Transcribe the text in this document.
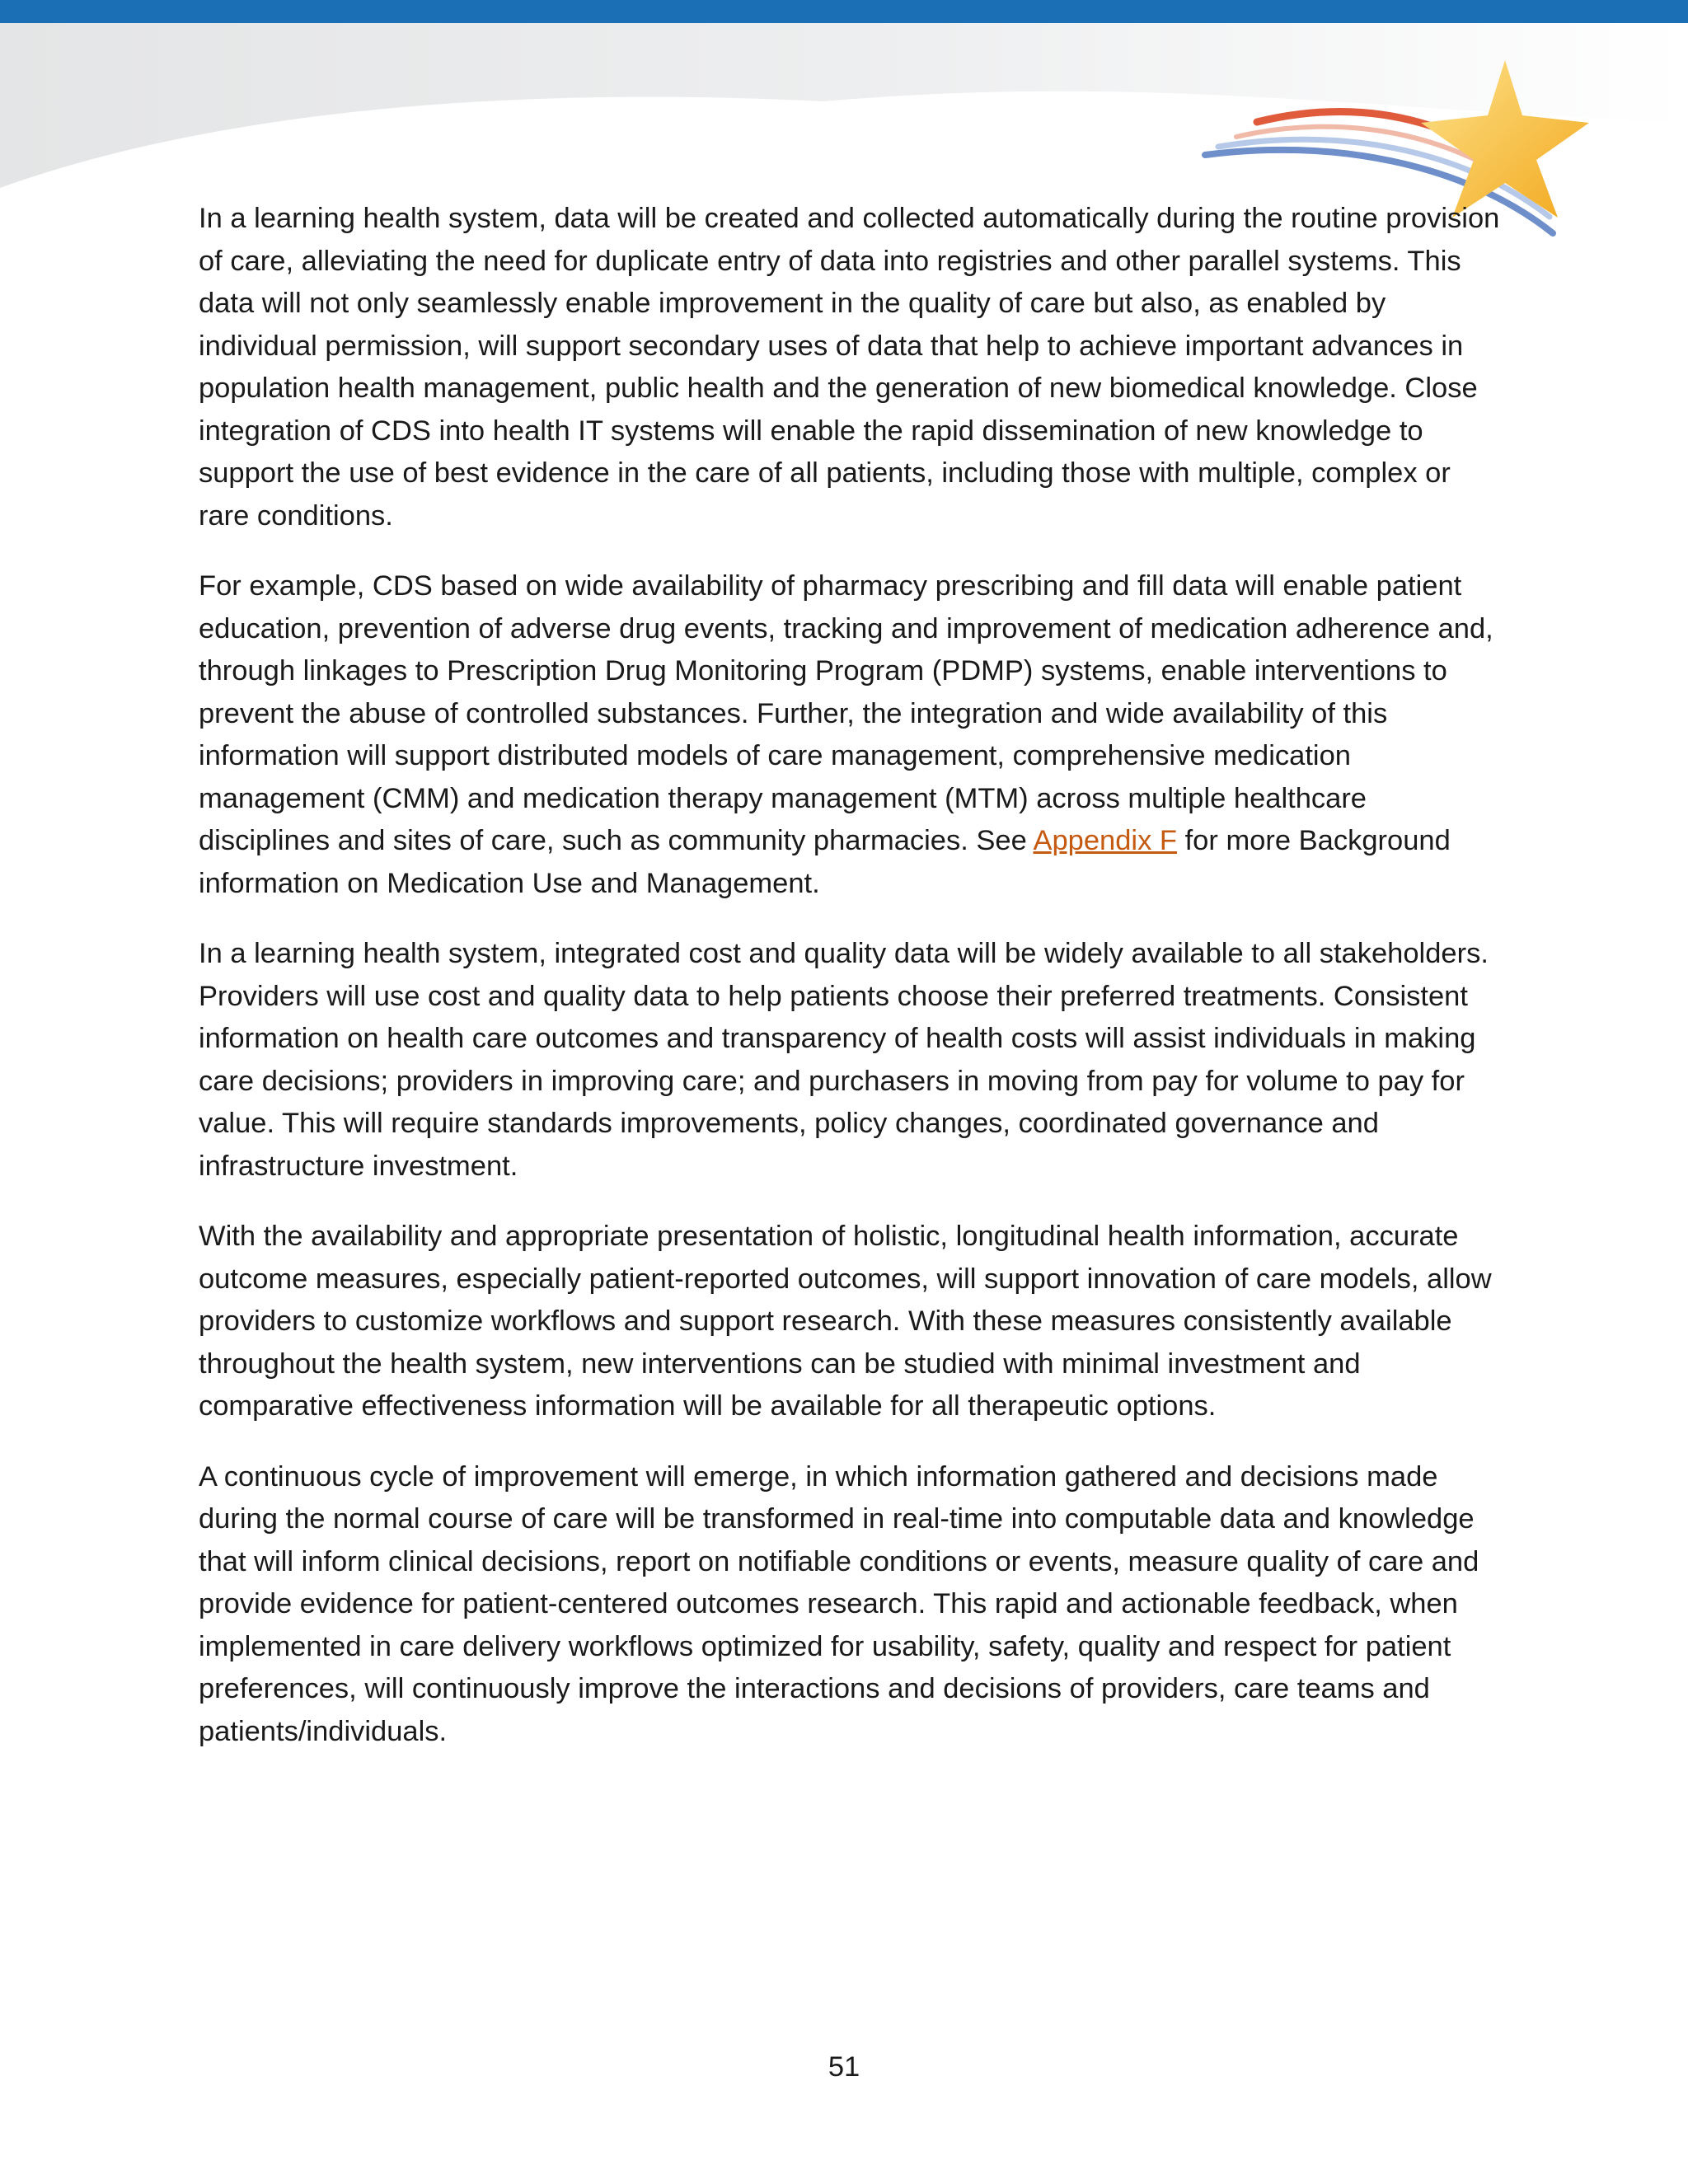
In a learning health system, data will be created and collected automatically during the routine provision of care, alleviating the need for duplicate entry of data into registries and other parallel systems. This data will not only seamlessly enable improvement in the quality of care but also, as enabled by individual permission, will support secondary uses of data that help to achieve important advances in population health management, public health and the generation of new biomedical knowledge. Close integration of CDS into health IT systems will enable the rapid dissemination of new knowledge to support the use of best evidence in the care of all patients, including those with multiple, complex or rare conditions.

For example, CDS based on wide availability of pharmacy prescribing and fill data will enable patient education, prevention of adverse drug events, tracking and improvement of medication adherence and, through linkages to Prescription Drug Monitoring Program (PDMP) systems, enable interventions to prevent the abuse of controlled substances. Further, the integration and wide availability of this information will support distributed models of care management, comprehensive medication management (CMM) and medication therapy management (MTM) across multiple healthcare disciplines and sites of care, such as community pharmacies. See Appendix F for more Background information on Medication Use and Management.

In a learning health system, integrated cost and quality data will be widely available to all stakeholders. Providers will use cost and quality data to help patients choose their preferred treatments. Consistent information on health care outcomes and transparency of health costs will assist individuals in making care decisions; providers in improving care; and purchasers in moving from pay for volume to pay for value. This will require standards improvements, policy changes, coordinated governance and infrastructure investment.

With the availability and appropriate presentation of holistic, longitudinal health information, accurate outcome measures, especially patient-reported outcomes, will support innovation of care models, allow providers to customize workflows and support research. With these measures consistently available throughout the health system, new interventions can be studied with minimal investment and comparative effectiveness information will be available for all therapeutic options.

A continuous cycle of improvement will emerge, in which information gathered and decisions made during the normal course of care will be transformed in real-time into computable data and knowledge that will inform clinical decisions, report on notifiable conditions or events, measure quality of care and provide evidence for patient-centered outcomes research. This rapid and actionable feedback, when implemented in care delivery workflows optimized for usability, safety, quality and respect for patient preferences, will continuously improve the interactions and decisions of providers, care teams and patients/individuals.

51
